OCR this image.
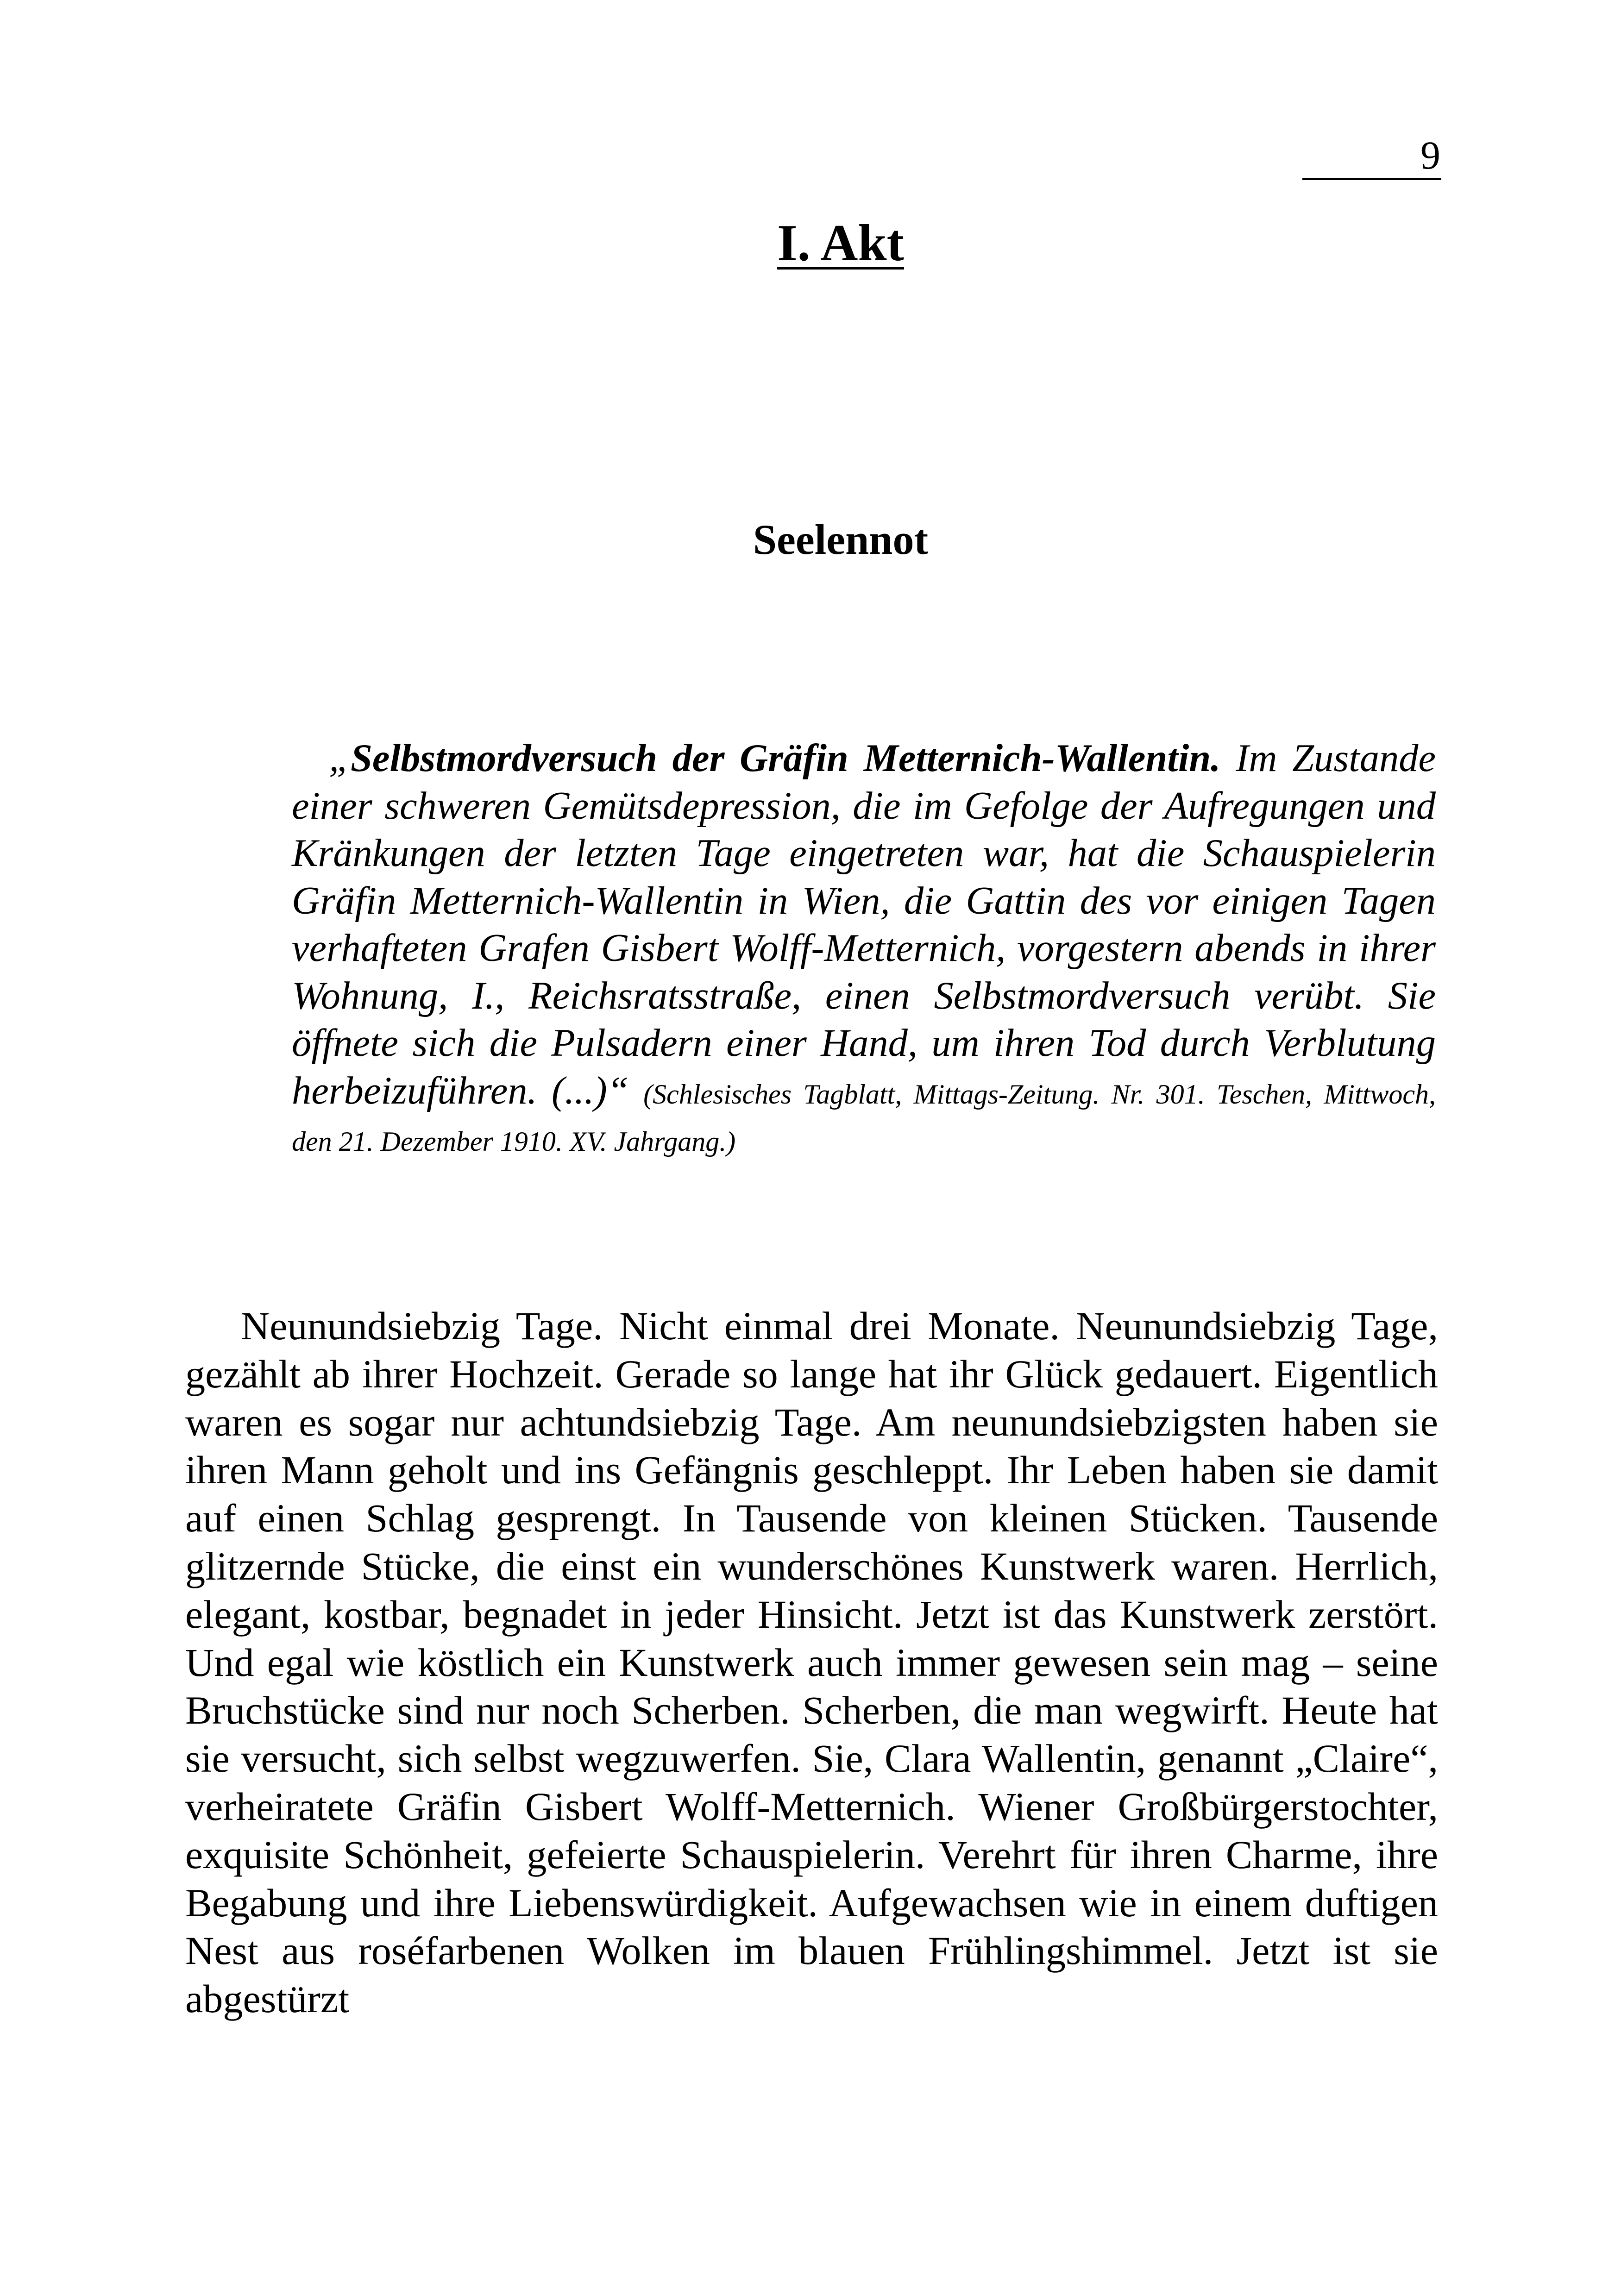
9
I. Akt
Seelennot

„Selbstmordversuch der Gräfin Metternich-Wallentin. Im Zustande einer schweren Gemütsdepression, die im Gefolge der Aufregungen und Kränkungen der letzten Tage eingetreten war, hat die Schauspielerin Gräfin Metternich-Wallentin in Wien, die Gattin des vor einigen Tagen verhafteten Grafen Gisbert Wolff-Metternich, vorgestern abends in ihrer Wohnung, I., Reichsratsstraße, einen Selbstmordversuch verübt. Sie öffnete sich die Pulsadern einer Hand, um ihren Tod durch Verblutung herbeizuführen. (...)“ (Schlesisches Tagblatt, Mittags-Zeitung. Nr. 301. Teschen, Mittwoch, den 21. Dezember 1910. XV. Jahrgang.)

Neunundsiebzig Tage. Nicht einmal drei Monate. Neunundsiebzig Tage, gezählt ab ihrer Hochzeit. Gerade so lange hat ihr Glück gedauert. Eigentlich waren es sogar nur achtundsiebzig Tage. Am neunundsiebzigsten haben sie ihren Mann geholt und ins Gefängnis geschleppt. Ihr Leben haben sie damit auf einen Schlag gesprengt. In Tausende von kleinen Stücken. Tausende glitzernde Stücke, die einst ein wunderschönes Kunstwerk waren. Herrlich, elegant, kostbar, begnadet in jeder Hinsicht. Jetzt ist das Kunstwerk zerstört. Und egal wie köstlich ein Kunstwerk auch immer gewesen sein mag – seine Bruchstücke sind nur noch Scherben. Scherben, die man wegwirft. Heute hat sie versucht, sich selbst wegzuwerfen. Sie, Clara Wallentin, genannt „Claire“, verheiratete Gräfin Gisbert Wolff-Metternich. Wiener Großbürgerstochter, exquisite Schönheit, gefeierte Schauspielerin. Verehrt für ihren Charme, ihre Begabung und ihre Liebenswürdigkeit. Aufgewachsen wie in einem duftigen Nest aus roséfarbenen Wolken im blauen Frühlingshimmel. Jetzt ist sie abgestürzt
